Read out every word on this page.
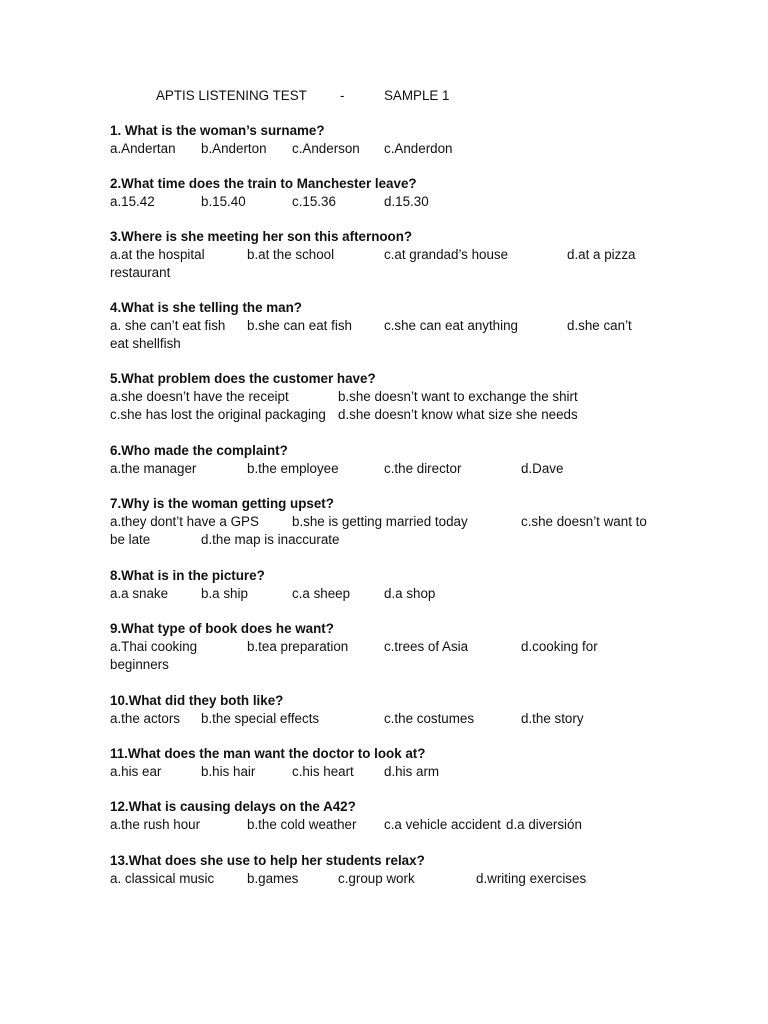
APTIS LISTENING TEST -	SAMPLE 1
1. What is the woman’s surname?
a.Andertan b.Anderton c.Anderson c.Anderdon
2.What time does the train to Manchester leave?
a.15.42	b.15.40	c.15.36	d.15.30
3.Where is she meeting her son this afternoon?
a.at the hospital	b.at the school	c.at grandad’s house	d.at a pizza
restaurant
4.What is she telling the man?
a. she can’t eat fish b.she can eat fish c.she can eat anything	d.she can’t
eat shellfish
5.What problem does the customer have?
a.she doesn’t have the receipt	b.she doesn’t want to exchange the shirt
c.she has lost the original packaging d.she doesn’t know what size she needs
6.Who made the complaint?
a.the manager	b.the employee	c.the director	d.Dave
7.Why is the woman getting upset?
a.they dont’t have a GPS b.she is getting married today	c.she doesn’t want to
be late	d.the map is inaccurate
8.What is in the picture?
a.a snake b.a ship	c.a sheep	d.a shop
9.What type of book does he want?
a.Thai cooking	b.tea preparation	c.trees of Asia	d.cooking for
beginners
10.What did they both like?
a.the actors b.the special effects	c.the costumes	d.the story
11.What does the man want the doctor to look at?
a.his ear	b.his hair	c.his heart d.his arm
12.What is causing delays on the A42?
a.the rush hour	b.the cold weather c.a vehicle accident d.a diversión
13.What does she use to help her students relax?
a. classical music b.games	c.group work	d.writing exercises
